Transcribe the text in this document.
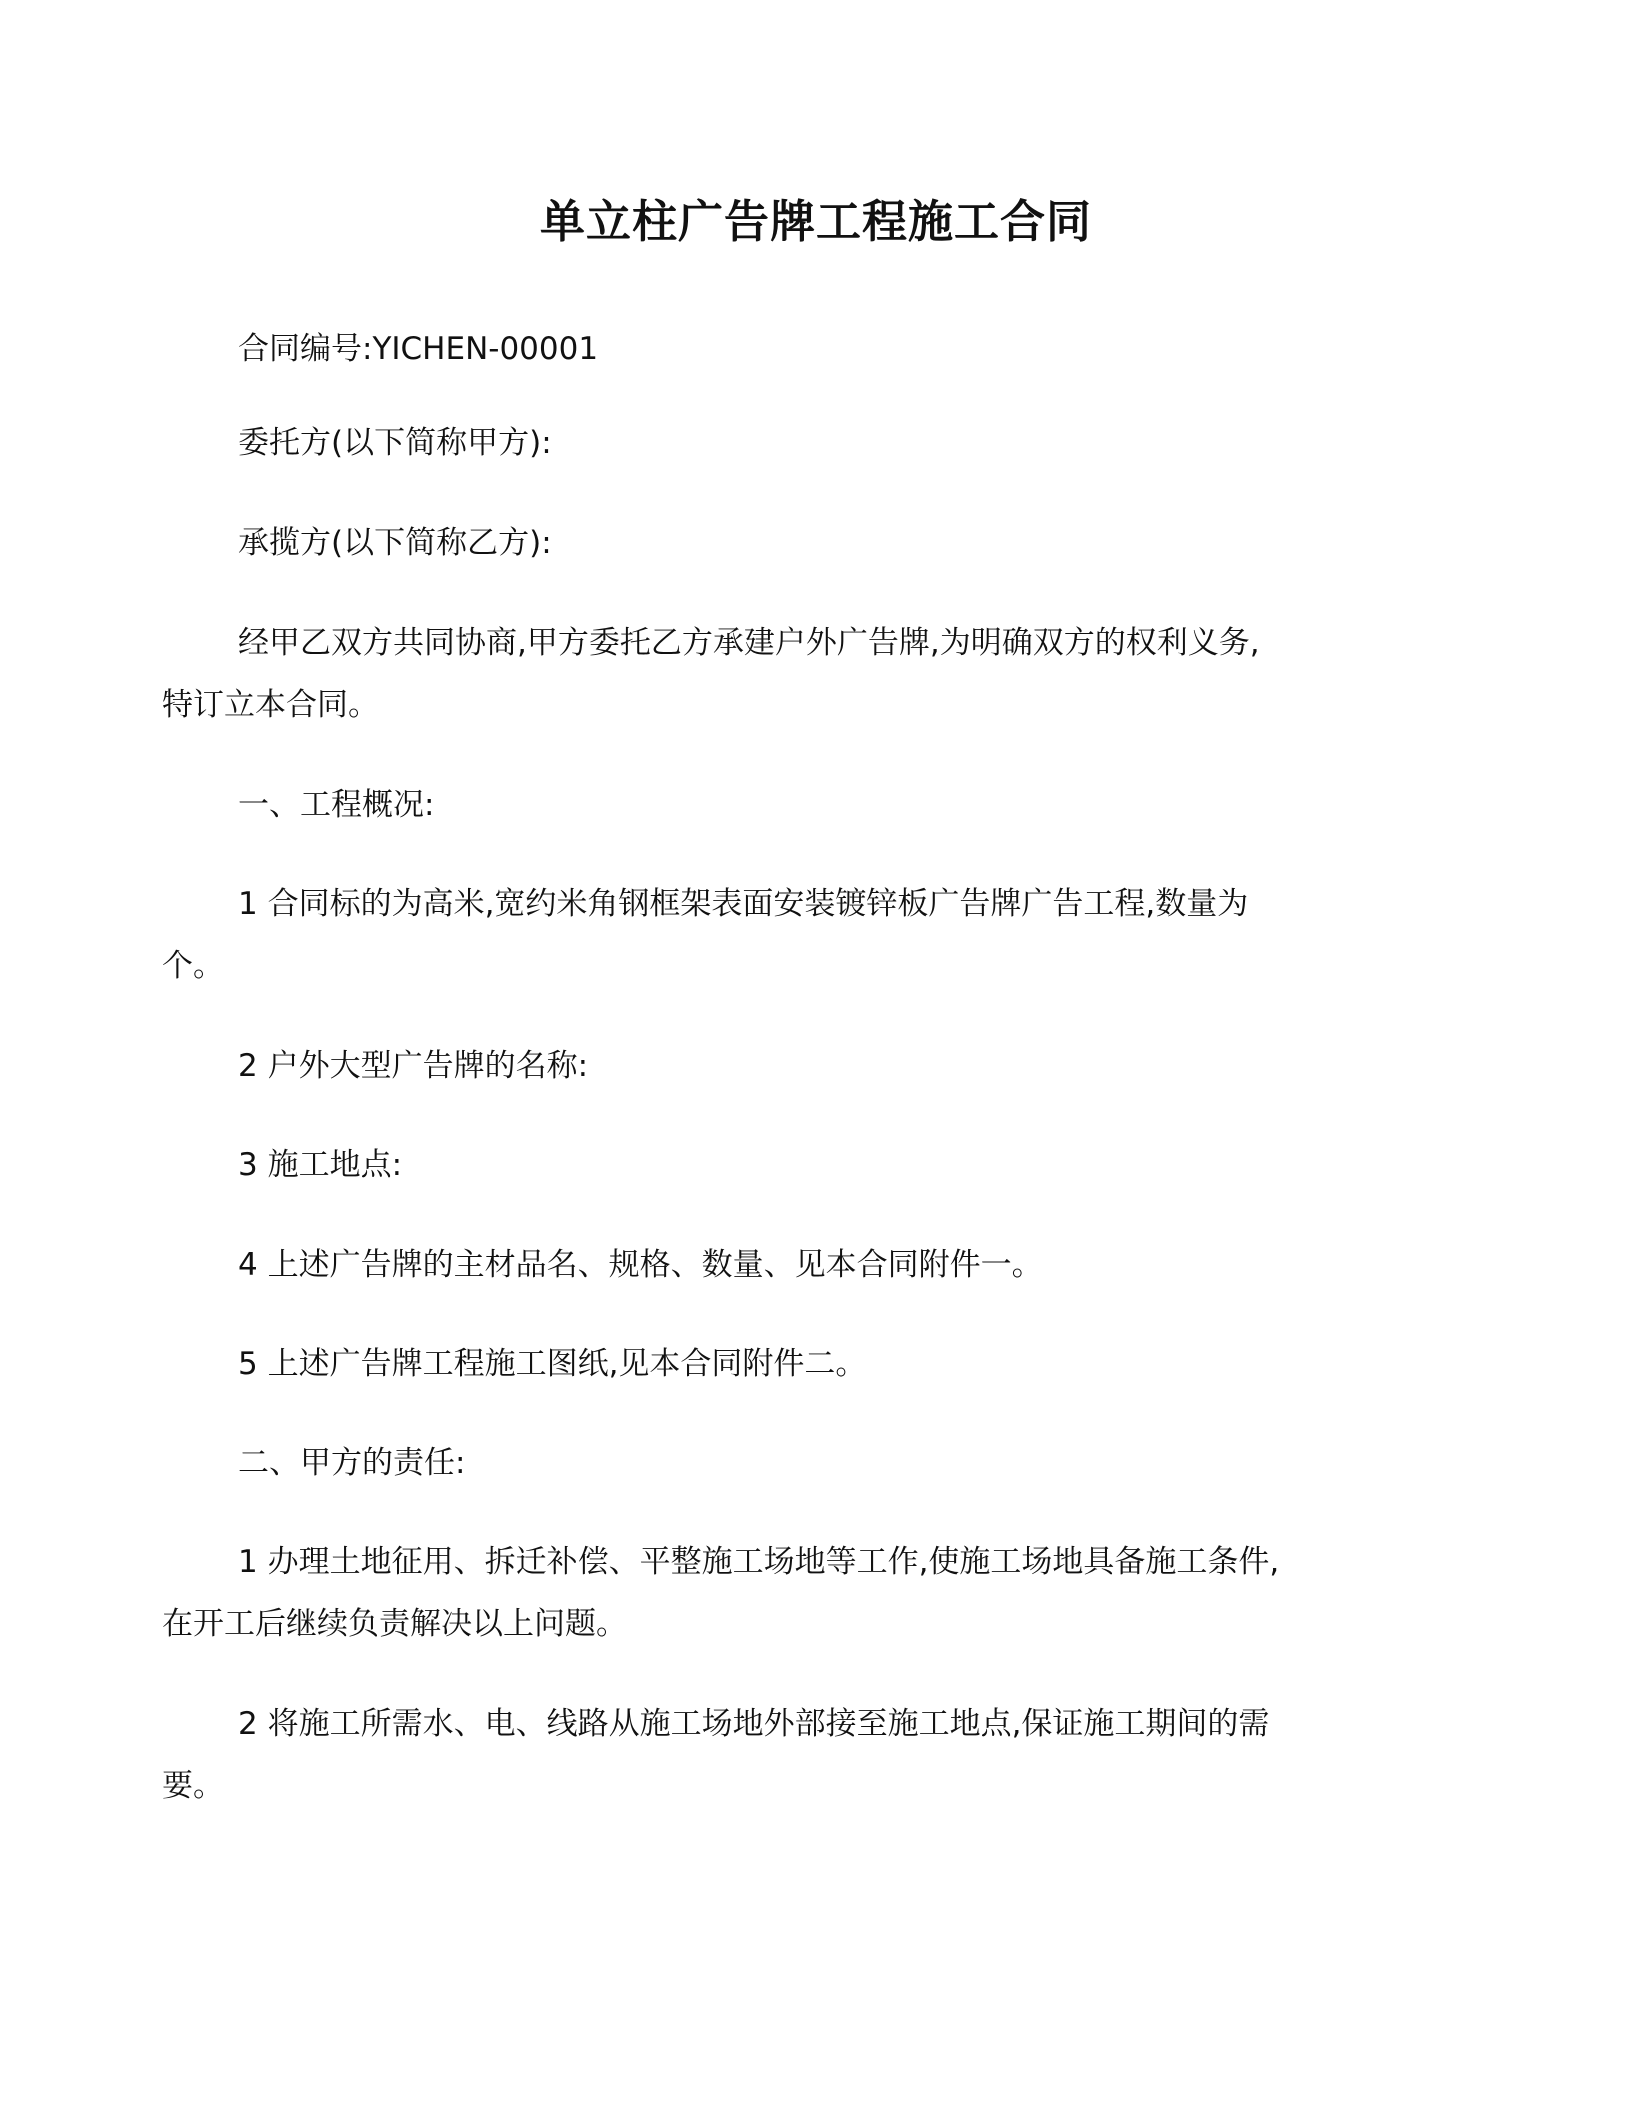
单立柱广告牌工程施工合同
合同编号:YICHEN-00001
委托方(以下简称甲方):
承揽方(以下简称乙方):
经甲乙双方共同协商,甲方委托乙方承建户外广告牌,为明确双方的权利义务,
特订立本合同。
一、工程概况:
1 合同标的为高米,宽约米角钢框架表面安装镀锌板广告牌广告工程,数量为
个。
2 户外大型广告牌的名称:
3 施工地点:
4 上述广告牌的主材品名、规格、数量、见本合同附件一。
5 上述广告牌工程施工图纸,见本合同附件二。
二、甲方的责任:
1 办理土地征用、拆迁补偿、平整施工场地等工作,使施工场地具备施工条件,
在开工后继续负责解决以上问题。
2 将施工所需水、电、线路从施工场地外部接至施工地点,保证施工期间的需
要。
